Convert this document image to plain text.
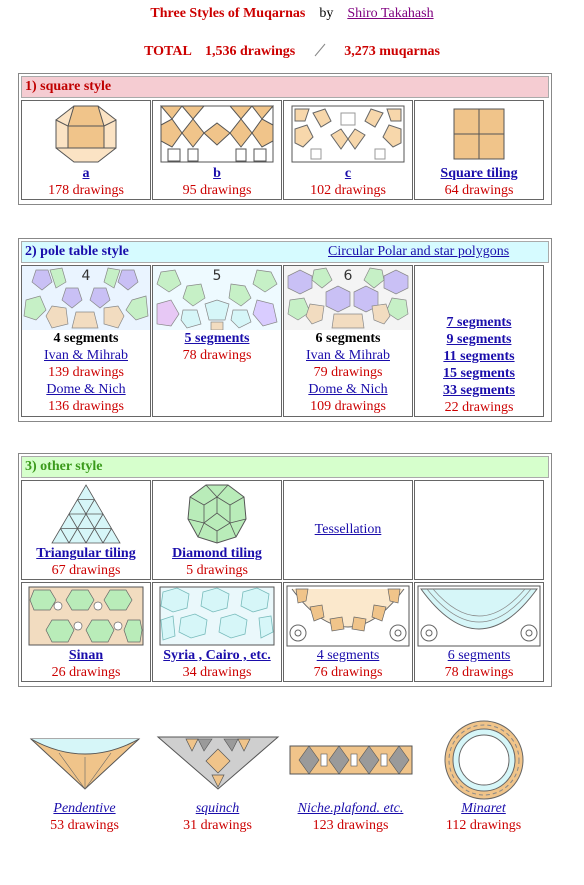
Three Styles of Muqarnas by Shiro Takahash
TOTAL 1,536 drawings	3,273 muqarnas
1) square style
a
178 drawings
b
95 drawings
c
102 drawings
Square tiling
64 drawings
2) pole table style	Circular Polar and star polygons
4
4 segments
Ivan & Mihrab
139 drawings
Dome & Nich
136 drawings
5
5 segments
78 drawings
6
6 segments
Ivan & Mihrab
79 drawings
Dome & Nich
109 drawings
7 segments
9 segments
11 segments
15 segments
33 segments
22 drawings
3) other style
Triangular tiling
67 drawings
Diamond tiling
5 drawings
Tessellation
Sinan
26 drawings
Syria , Cairo , etc.
34 drawings
4 segments
76 drawings
6 segments
78 drawings
Pendentive
53 drawings
squinch
31 drawings
Niche.plafond. etc.
123 drawings
Minaret
112 drawings
